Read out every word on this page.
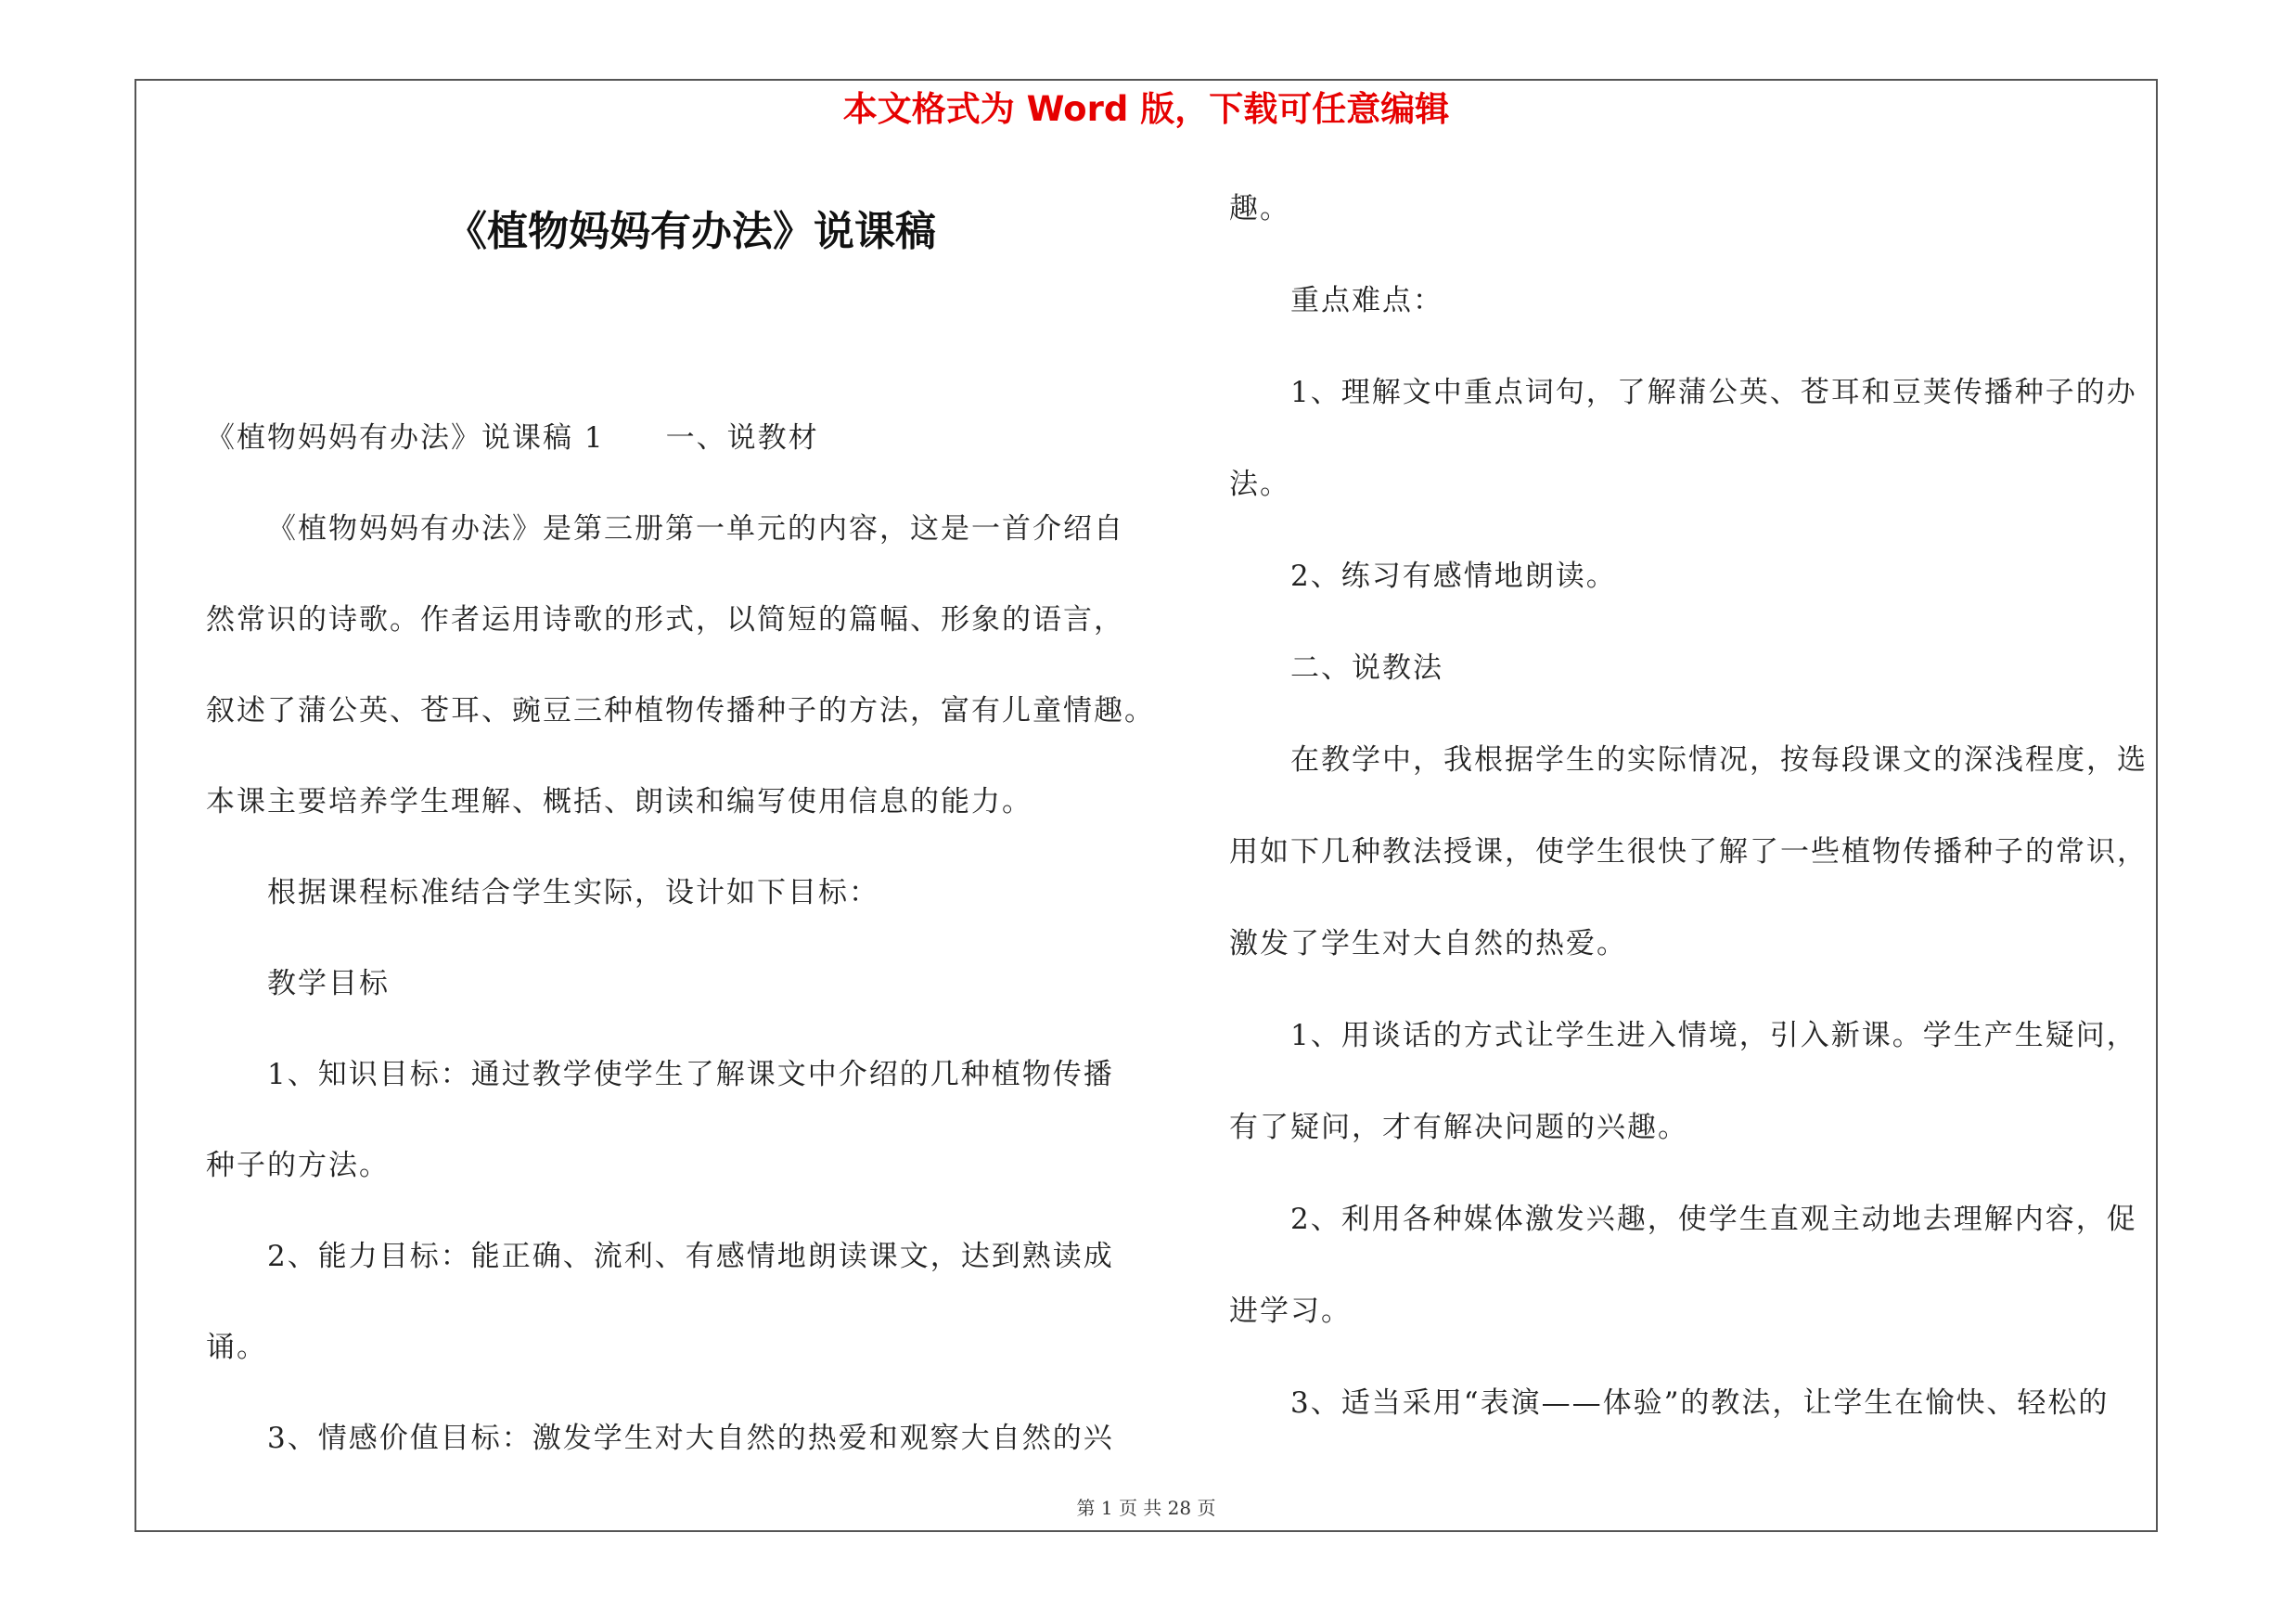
本文格式为 Word 版，下载可任意编辑
《植物妈妈有办法》说课稿
《植物妈妈有办法》说课稿 1　　一、说教材
《植物妈妈有办法》是第三册第一单元的内容，这是一首介绍自
然常识的诗歌。作者运用诗歌的形式，以简短的篇幅、形象的语言，
叙述了蒲公英、苍耳、豌豆三种植物传播种子的方法，富有儿童情趣。
本课主要培养学生理解、概括、朗读和编写使用信息的能力。
根据课程标准结合学生实际，设计如下目标：
教学目标
1、知识目标：通过教学使学生了解课文中介绍的几种植物传播
种子的方法。
2、能力目标：能正确、流利、有感情地朗读课文，达到熟读成
诵。
3、情感价值目标：激发学生对大自然的热爱和观察大自然的兴
趣。
重点难点：
1、理解文中重点词句，了解蒲公英、苍耳和豆荚传播种子的办
法。
2、练习有感情地朗读。
二、说教法
在教学中，我根据学生的实际情况，按每段课文的深浅程度，选
用如下几种教法授课，使学生很快了解了一些植物传播种子的常识，
激发了学生对大自然的热爱。
1、用谈话的方式让学生进入情境，引入新课。学生产生疑问，
有了疑问，才有解决问题的兴趣。
2、利用各种媒体激发兴趣，使学生直观主动地去理解内容，促
进学习。
3、适当采用“表演——体验”的教法，让学生在愉快、轻松的
第 1 页 共 28 页
